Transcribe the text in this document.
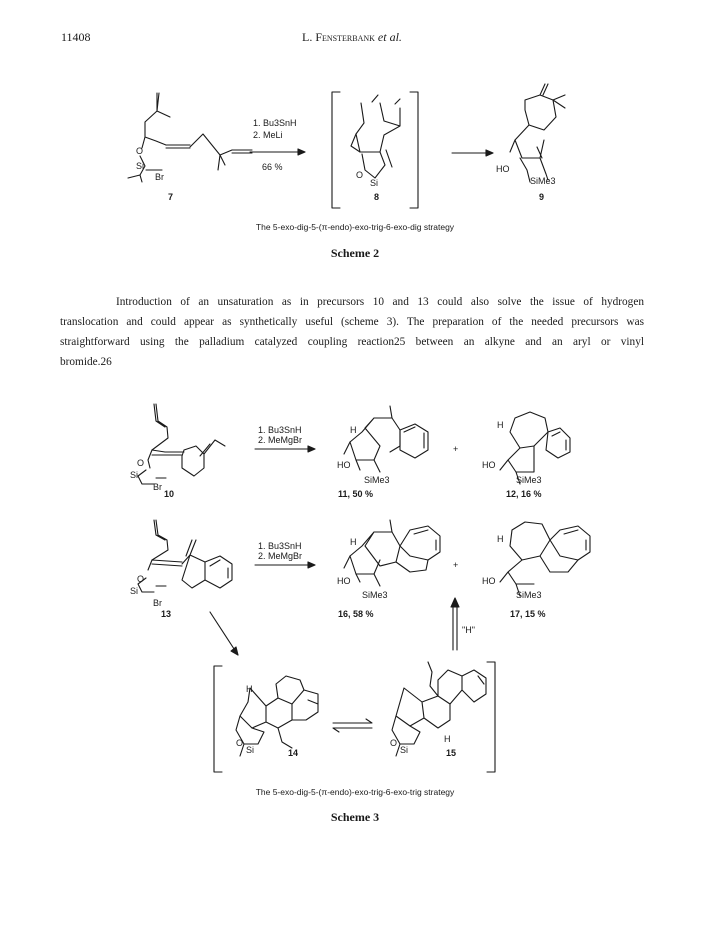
11408	L. Fensterbank et al.
1. Bu3SnH
2. MeLi
66 %
O
Si
Br	O
Si
HO
SiMe3
7	8	9
1. Bu3SnH
2. MeMgBr
1. Bu3SnH
2. MeMgBr
O
Si
Br
O
Si
Br
H
HO
SiMe3
H
HO
SiMe3
H
HO
SiMe3
H
HO
SiMe3
+
+
10	11, 50 %	12, 16 %
13	16, 58 %	17, 15 %
"H"
H
O
Si	14
H
O
Si	15
The 5-exo-dig-5-(π-endo)-exo-trig-6-exo-dig strategy
Scheme 2
Introduction of an unsaturation as in precursors 10 and 13 could also solve the issue of hydrogen
translocation and could appear as synthetically useful (scheme 3). The preparation of the needed precursors was
straightforward using the palladium catalyzed coupling reaction25 between an alkyne and an aryl or vinyl
bromide.26
The 5-exo-dig-5-(π-endo)-exo-trig-6-exo-trig strategy
Scheme 3
